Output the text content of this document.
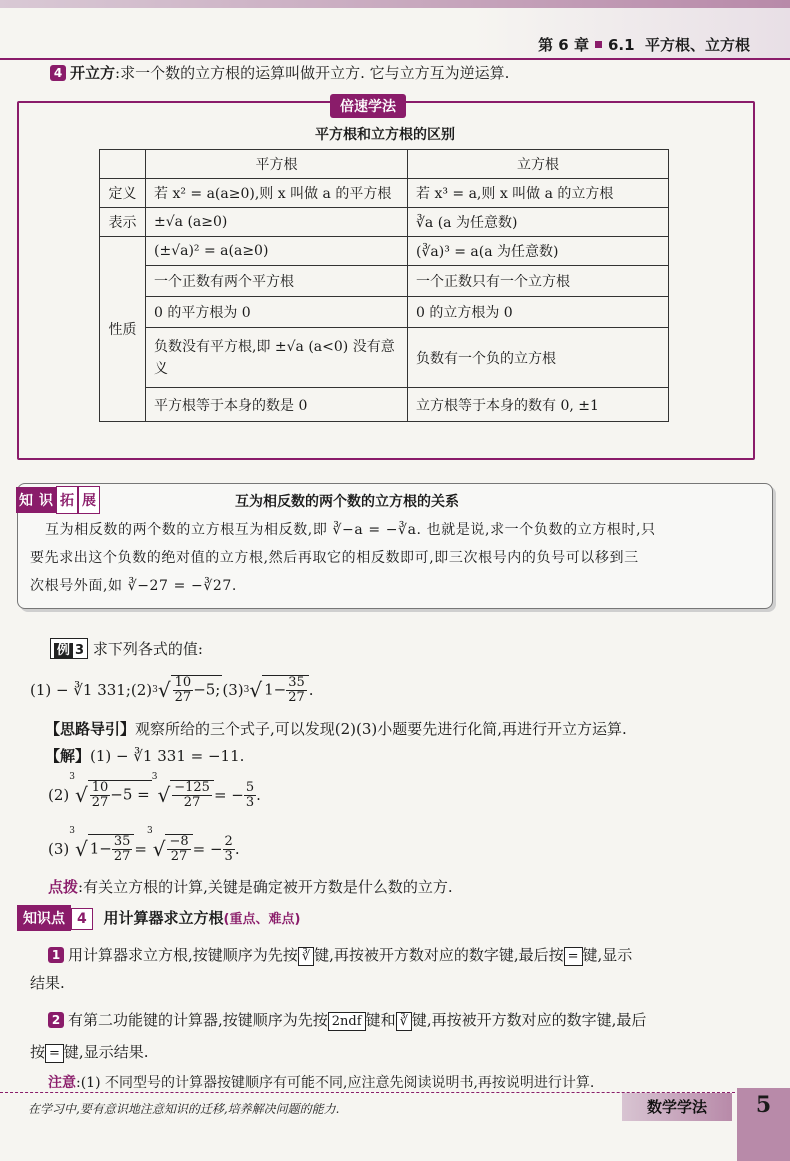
第 6 章 6.1 平方根、立方根
4 开立方:求一个数的立方根的运算叫做开立方. 它与立方互为逆运算.
倍速学法
平方根和立方根的区别
	平方根	立方根
定义	若 x² = a(a≥0),则 x 叫做 a 的平方根	若 x³ = a,则 x 叫做 a 的立方根
表示	±√a (a≥0)	∛a (a 为任意数)
性质	(±√a)² = a(a≥0)	(∛a)³ = a(a 为任意数)
	一个正数有两个平方根	一个正数只有一个立方根
	0 的平方根为 0	0 的立方根为 0
	负数没有平方根,即 ±√a (a<0) 没有意义	负数有一个负的立方根
	平方根等于本身的数是 0	立方根等于本身的数有 0, ±1
知 识 拓 展	互为相反数的两个数的立方根的关系
互为相反数的两个数的立方根互为相反数,即 ∛−a = −∛a. 也就是说,求一个负数的立方根时,只
要先求出这个负数的绝对值的立方根,然后再取它的相反数即可,即三次根号内的负号可以移到三
次根号外面,如 ∛−27 = −∛27.
例 3 求下列各式的值:
(1) − ∛1 331; (2) 3 √ $\frac{10}{27} -5$; (3) 3 √ $1- \frac{35}{27}$ .
【思路导引】观察所给的三个式子,可以发现(2)(3)小题要先进行化简,再进行开立方运算.
【解】(1) − ∛1 331 = −11.
(2)
3
√ $\frac{10}{27} -5$ =
3
√ $\frac{-125}{27}$ = − $\frac{5}{3}$ .
(3)
3
√ $1- \frac{35}{27}$ =
3
√ $\frac{-8}{27}$ = − $\frac{2}{3}$ .
点拨:有关立方根的计算,关键是确定被开方数是什么数的立方.
知识点 4 用计算器求立方根(重点、难点)
1 用计算器求立方根,按键顺序为先按 ∛ 键,再按被开方数对应的数字键,最后按 = 键,显示
结果.
2 有第二功能键的计算器,按键顺序为先按 2ndf 键和 ∛ 键,再按被开方数对应的数字键,最后
按 = 键,显示结果.
注意:(1) 不同型号的计算器按键顺序有可能不同,应注意先阅读说明书,再按说明进行计算.
在学习中,要有意识地注意知识的迁移,培养解决问题的能力.	数学学法	5
